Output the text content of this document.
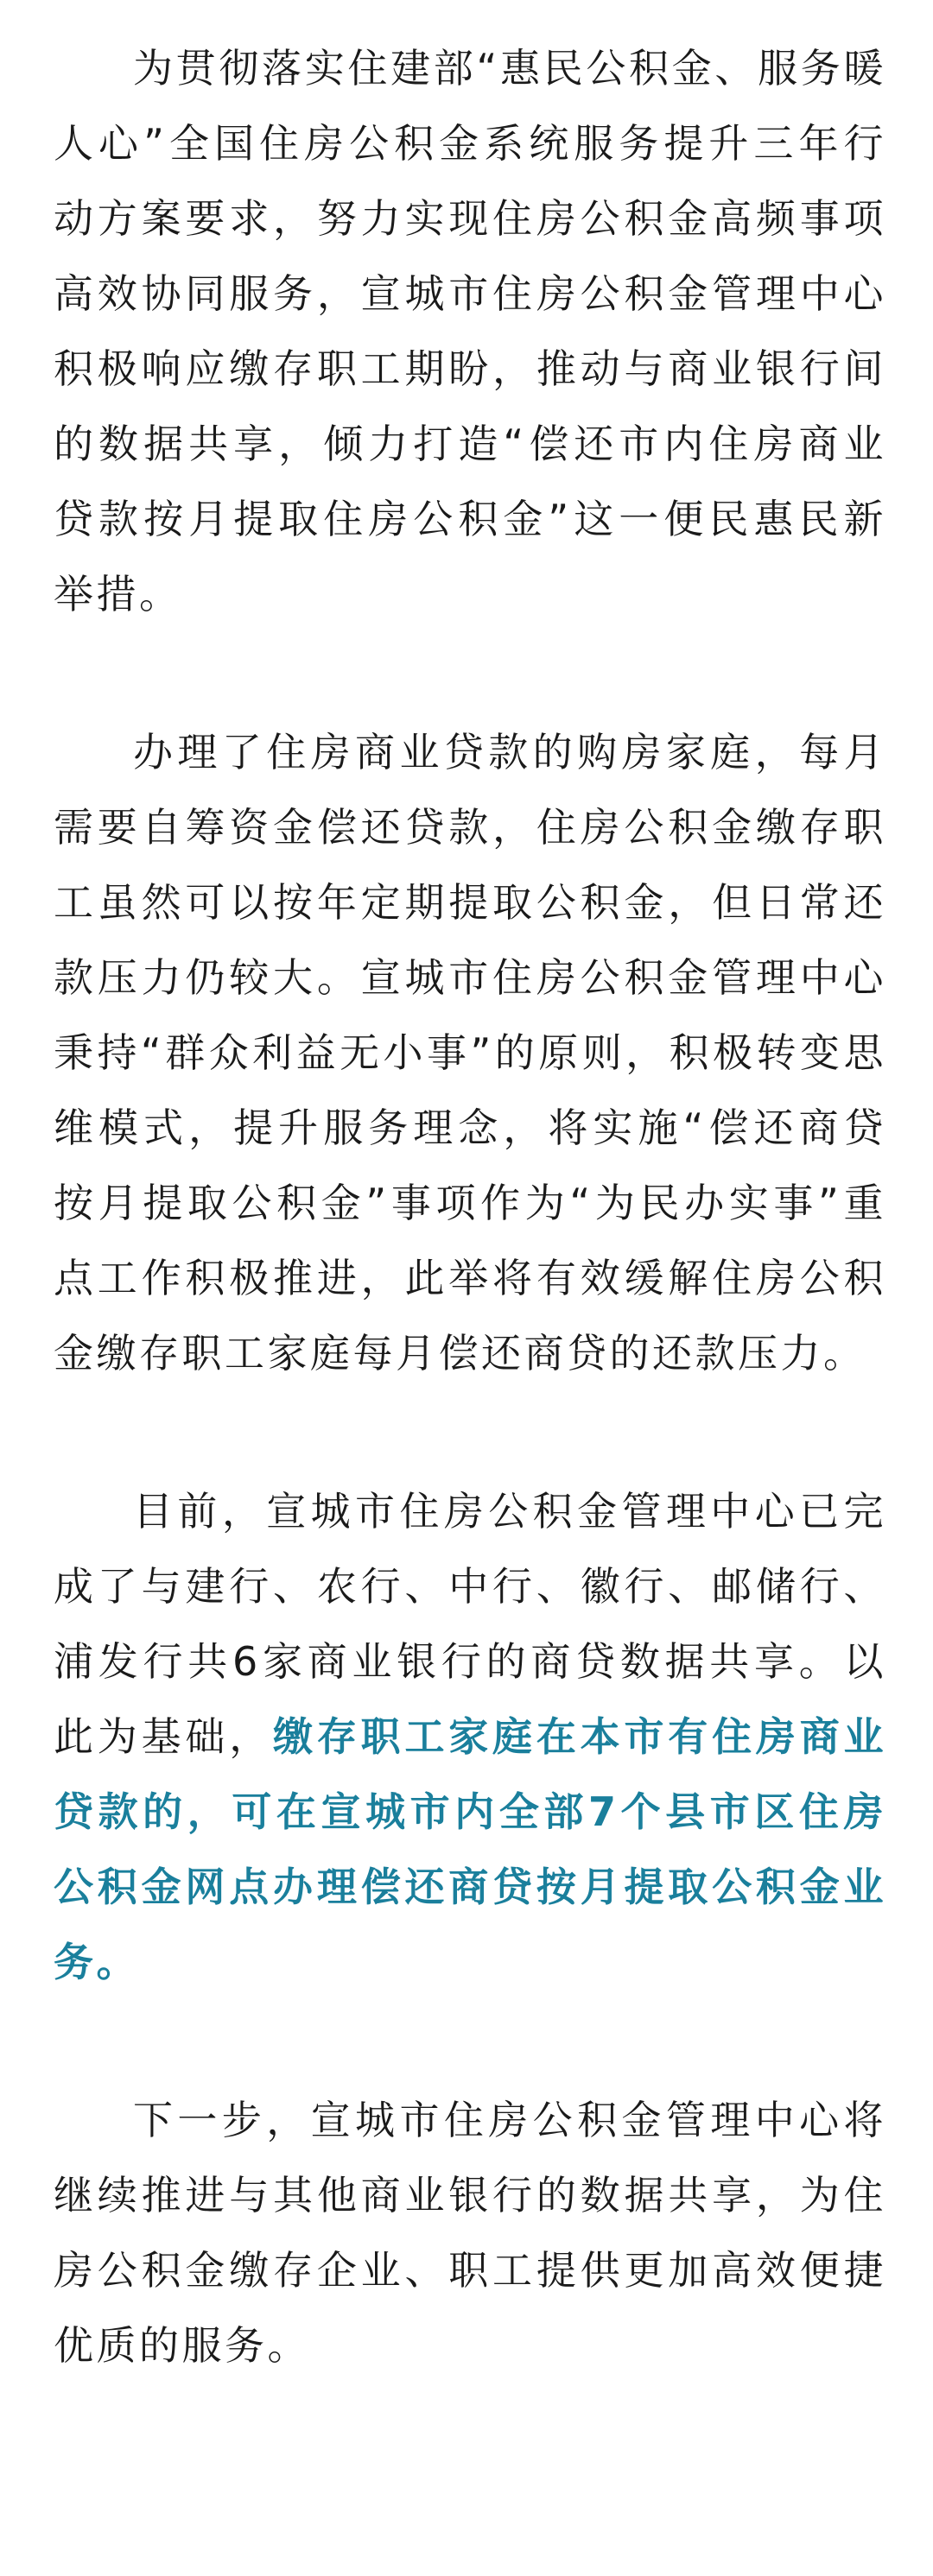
为贯彻落实住建部“惠民公积金、服务暖人心”全国住房公积金系统服务提升三年行动方案要求，努力实现住房公积金高频事项高效协同服务，宣城市住房公积金管理中心积极响应缴存职工期盼，推动与商业银行间的数据共享，倾力打造“偿还市内住房商业贷款按月提取住房公积金”这一便民惠民新举措。

办理了住房商业贷款的购房家庭，每月需要自筹资金偿还贷款，住房公积金缴存职工虽然可以按年定期提取公积金，但日常还款压力仍较大。宣城市住房公积金管理中心秉持“群众利益无小事”的原则，积极转变思维模式，提升服务理念，将实施“偿还商贷按月提取公积金”事项作为“为民办实事”重点工作积极推进，此举将有效缓解住房公积金缴存职工家庭每月偿还商贷的还款压力。

目前，宣城市住房公积金管理中心已完成了与建行、农行、中行、徽行、邮储行、浦发行共6家商业银行的商贷数据共享。以此为基础，缴存职工家庭在本市有住房商业贷款的，可在宣城市内全部7个县市区住房公积金网点办理偿还商贷按月提取公积金业务。

下一步，宣城市住房公积金管理中心将继续推进与其他商业银行的数据共享，为住房公积金缴存企业、职工提供更加高效便捷优质的服务。
